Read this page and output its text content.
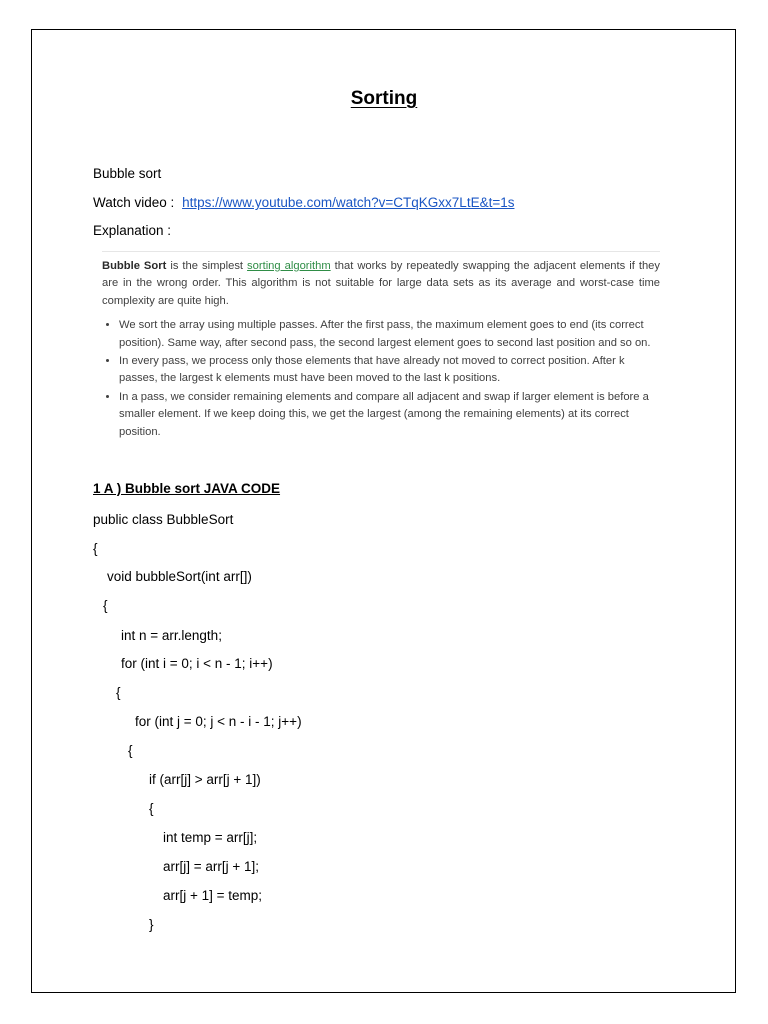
Sorting
Bubble sort
Watch video : https://www.youtube.com/watch?v=CTqKGxx7LtE&t=1s
Explanation :

Bubble Sort is the simplest sorting algorithm that works by repeatedly swapping the adjacent elements if they are in the wrong order. This algorithm is not suitable for large data sets as its average and worst-case time complexity are quite high.

• We sort the array using multiple passes. After the first pass, the maximum element goes to end (its correct position). Same way, after second pass, the second largest element goes to second last position and so on.
• In every pass, we process only those elements that have already not moved to correct position. After k passes, the largest k elements must have been moved to the last k positions.
• In a pass, we consider remaining elements and compare all adjacent and swap if larger element is before a smaller element. If we keep doing this, we get the largest (among the remaining elements) at its correct position.
1 A ) Bubble sort JAVA CODE
public class BubbleSort
{
void bubbleSort(int arr[])
{
int n = arr.length;
for (int i = 0; i < n - 1; i++)
{
for (int j = 0; j < n - i - 1; j++)
{
if (arr[j] > arr[j + 1])
{
int temp = arr[j];
arr[j] = arr[j + 1];
arr[j + 1] = temp;
}
